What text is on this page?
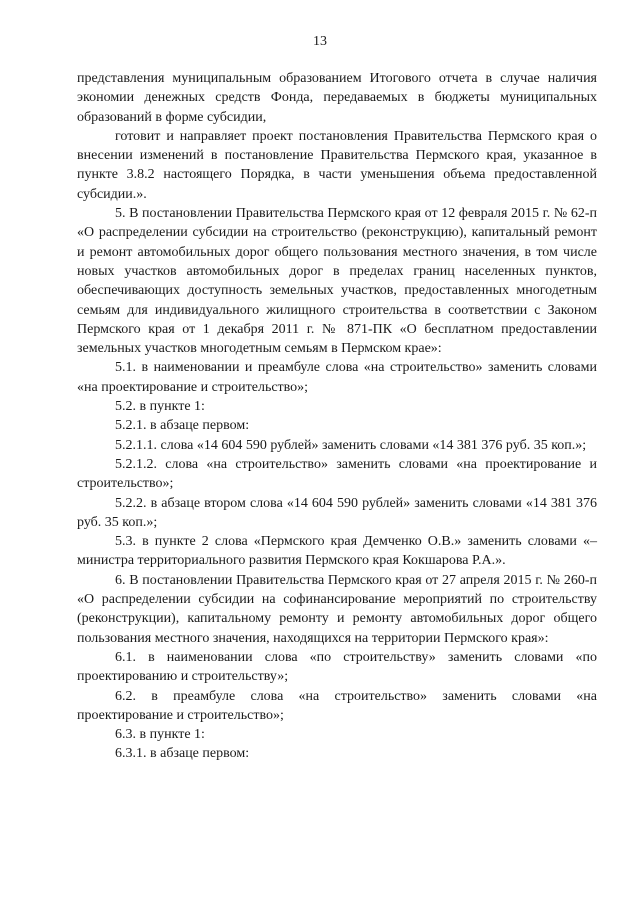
13

представления муниципальным образованием Итогового отчета в случае наличия экономии денежных средств Фонда, передаваемых в бюджеты муниципальных образований в форме субсидии,

готовит и направляет проект постановления Правительства Пермского края о внесении изменений в постановление Правительства Пермского края, указанное в пункте 3.8.2 настоящего Порядка, в части уменьшения объема предоставленной субсидии.».

5. В постановлении Правительства Пермского края от 12 февраля 2015 г. № 62-п «О распределении субсидии на строительство (реконструкцию), капитальный ремонт и ремонт автомобильных дорог общего пользования местного значения, в том числе новых участков автомобильных дорог в пределах границ населенных пунктов, обеспечивающих доступность земельных участков, предоставленных многодетным семьям для индивидуального жилищного строительства в соответствии с Законом Пермского края от 1 декабря 2011 г. № 871-ПК «О бесплатном предоставлении земельных участков многодетным семьям в Пермском крае»:

5.1. в наименовании и преамбуле слова «на строительство» заменить словами «на проектирование и строительство»;

5.2. в пункте 1:

5.2.1. в абзаце первом:

5.2.1.1. слова «14 604 590 рублей» заменить словами «14 381 376 руб. 35 коп.»;

5.2.1.2. слова «на строительство» заменить словами «на проектирование и строительство»;

5.2.2. в абзаце втором слова «14 604 590 рублей» заменить словами «14 381 376 руб. 35 коп.»;

5.3. в пункте 2 слова «Пермского края Демченко О.В.» заменить словами «– министра территориального развития Пермского края Кокшарова Р.А.».

6. В постановлении Правительства Пермского края от 27 апреля 2015 г. № 260-п «О распределении субсидии на софинансирование мероприятий по строительству (реконструкции), капитальному ремонту и ремонту автомобильных дорог общего пользования местного значения, находящихся на территории Пермского края»:

6.1. в наименовании слова «по строительству» заменить словами «по проектированию и строительству»;

6.2. в преамбуле слова «на строительство» заменить словами «на проектирование и строительство»;

6.3. в пункте 1:

6.3.1. в абзаце первом:
